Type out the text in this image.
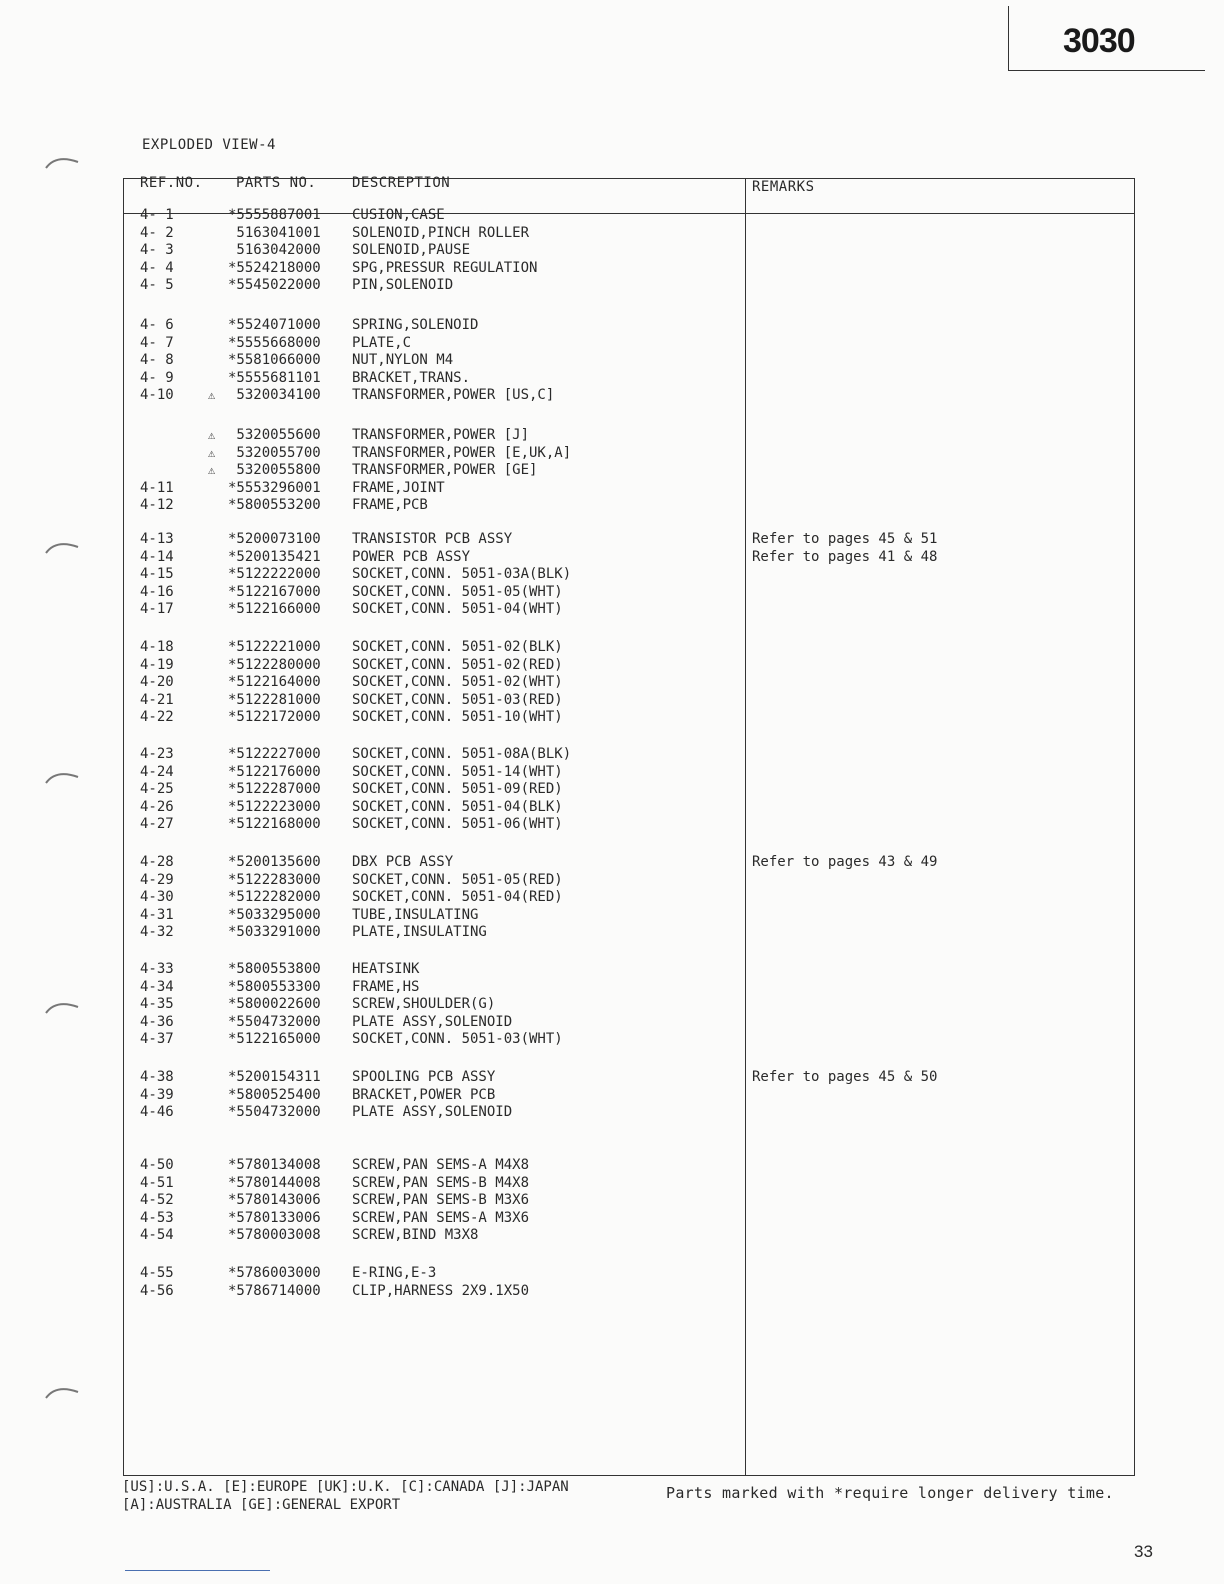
3030
EXPLODED VIEW-4
REF.NO. PARTS NO.	DESCREPTION	REMARKS
4- 1	*5555887001 CUSION,CASE
4- 2	5163041001 SOLENOID,PINCH ROLLER
4- 3	5163042000 SOLENOID,PAUSE
4- 4	*5524218000 SPG,PRESSUR REGULATION
4- 5	*5545022000 PIN,SOLENOID
4- 6	*5524071000 SPRING,SOLENOID
4- 7	*5555668000 PLATE,C
4- 8	*5581066000 NUT,NYLON M4
4- 9	*5555681101 BRACKET,TRANS.
4-10	⚠ 5320034100 TRANSFORMER,POWER [US,C]
⚠ 5320055600 TRANSFORMER,POWER [J]
⚠ 5320055700 TRANSFORMER,POWER [E,UK,A]
⚠ 5320055800 TRANSFORMER,POWER [GE]
4-11	*5553296001 FRAME,JOINT
4-12	*5800553200 FRAME,PCB
4-13	*5200073100 TRANSISTOR PCB ASSY	Refer to pages 45 & 51
4-14	*5200135421 POWER PCB ASSY	Refer to pages 41 & 48
4-15	*5122222000 SOCKET,CONN. 5051-03A(BLK)
4-16	*5122167000 SOCKET,CONN. 5051-05(WHT)
4-17	*5122166000 SOCKET,CONN. 5051-04(WHT)
4-18	*5122221000 SOCKET,CONN. 5051-02(BLK)
4-19	*5122280000 SOCKET,CONN. 5051-02(RED)
4-20	*5122164000 SOCKET,CONN. 5051-02(WHT)
4-21	*5122281000 SOCKET,CONN. 5051-03(RED)
4-22	*5122172000 SOCKET,CONN. 5051-10(WHT)
4-23	*5122227000 SOCKET,CONN. 5051-08A(BLK)
4-24	*5122176000 SOCKET,CONN. 5051-14(WHT)
4-25	*5122287000 SOCKET,CONN. 5051-09(RED)
4-26	*5122223000 SOCKET,CONN. 5051-04(BLK)
4-27	*5122168000 SOCKET,CONN. 5051-06(WHT)
4-28	*5200135600 DBX PCB ASSY	Refer to pages 43 & 49
4-29	*5122283000 SOCKET,CONN. 5051-05(RED)
4-30	*5122282000 SOCKET,CONN. 5051-04(RED)
4-31	*5033295000 TUBE,INSULATING
4-32	*5033291000 PLATE,INSULATING
4-33	*5800553800 HEATSINK
4-34	*5800553300 FRAME,HS
4-35	*5800022600 SCREW,SHOULDER(G)
4-36	*5504732000 PLATE ASSY,SOLENOID
4-37	*5122165000 SOCKET,CONN. 5051-03(WHT)
4-38	*5200154311 SPOOLING PCB ASSY	Refer to pages 45 & 50
4-39	*5800525400 BRACKET,POWER PCB
4-46	*5504732000 PLATE ASSY,SOLENOID
4-50	*5780134008 SCREW,PAN SEMS-A M4X8
4-51	*5780144008 SCREW,PAN SEMS-B M4X8
4-52	*5780143006 SCREW,PAN SEMS-B M3X6
4-53	*5780133006 SCREW,PAN SEMS-A M3X6
4-54	*5780003008 SCREW,BIND M3X8
4-55	*5786003000 E-RING,E-3
4-56	*5786714000 CLIP,HARNESS 2X9.1X50
[US]:U.S.A. [E]:EUROPE [UK]:U.K. [C]:CANADA [J]:JAPAN
[A]:AUSTRALIA [GE]:GENERAL EXPORT
Parts marked with *require longer delivery time.
33
